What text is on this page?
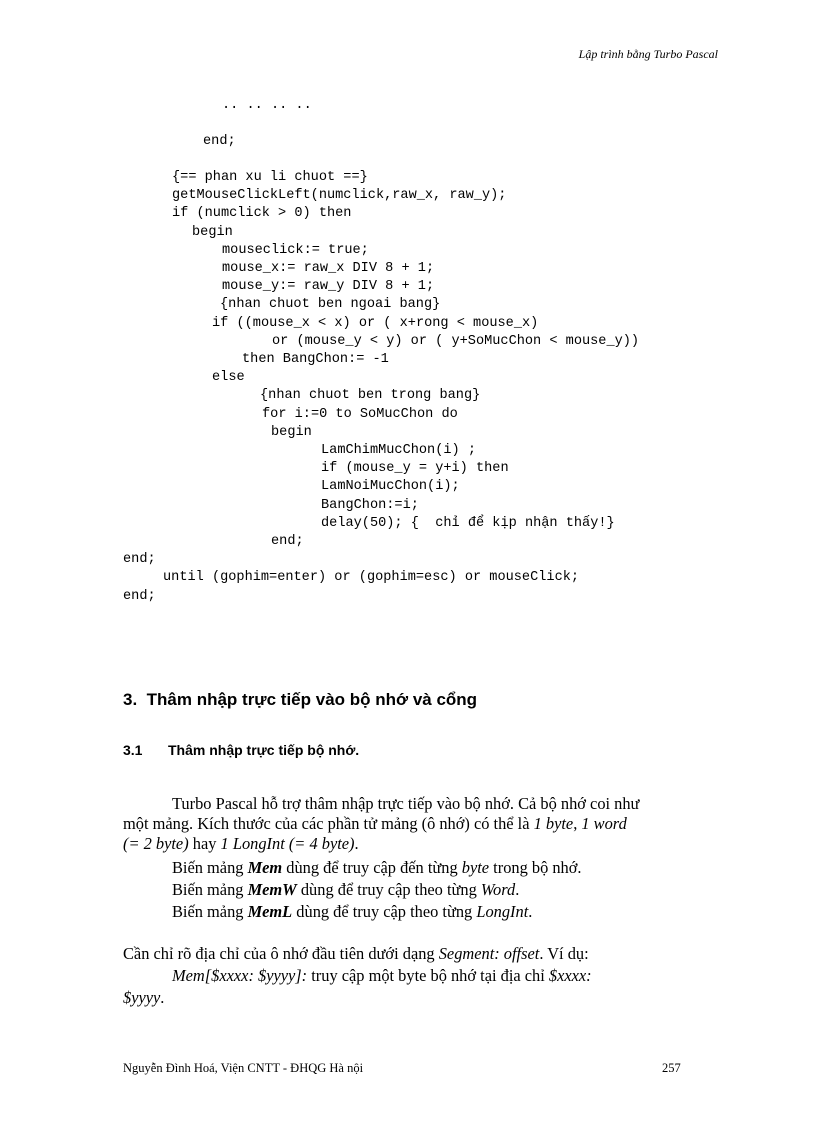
Lập trình bằng Turbo Pascal
.. .. .. ..
end;
{== phan xu li chuot ==}
getMouseClickLeft(numclick,raw_x, raw_y);
if (numclick > 0) then
begin
mouseclick:= true;
mouse_x:= raw_x DIV 8 + 1;
mouse_y:= raw_y DIV 8 + 1;
{nhan chuot ben ngoai bang}
if ((mouse_x < x) or ( x+rong < mouse_x)
or (mouse_y < y) or ( y+SoMucChon < mouse_y))
then BangChon:= -1
else
{nhan chuot ben trong bang}
for i:=0 to SoMucChon do
begin
LamChimMucChon(i) ;
if (mouse_y = y+i) then
LamNoiMucChon(i);
BangChon:=i;
delay(50); {  chỉ để kịp nhận thấy!}
end;
end;
until (gophim=enter) or (gophim=esc) or mouseClick;
end;
3. Thâm nhập trực tiếp vào bộ nhớ và cổng
3.1 Thâm nhập trực tiếp bộ nhớ.
Turbo Pascal hỗ trợ thâm nhập trực tiếp vào bộ nhớ. Cả bộ nhớ coi như
một mảng. Kích thước của các phần tử mảng (ô nhớ) có thể là 1 byte, 1 word
(= 2 byte) hay 1 LongInt (= 4 byte).
Biến mảng Mem dùng để truy cập đến từng byte trong bộ nhớ.
Biến mảng MemW dùng để truy cập theo từng Word.
Biến mảng MemL dùng để truy cập theo từng LongInt.
Cần chỉ rõ địa chỉ của ô nhớ đầu tiên dưới dạng Segment: offset. Ví dụ:
Mem[$xxxx: $yyyy]: truy cập một byte bộ nhớ tại địa chỉ $xxxx:
$yyyy.
Nguyễn Đình Hoá, Viện CNTT - ĐHQG Hà nội	257
